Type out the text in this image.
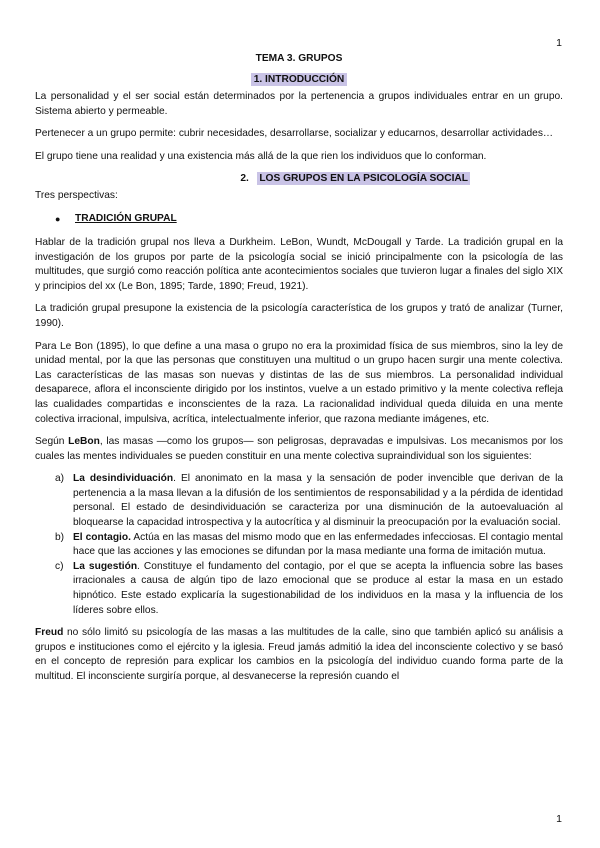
1
TEMA 3. GRUPOS
1. INTRODUCCIÓN

La personalidad y el ser social están determinados por la pertenencia a grupos individuales entrar en un grupo. Sistema abierto y permeable.

Pertenecer a un grupo permite: cubrir necesidades, desarrollarse, socializar y educarnos, desarrollar actividades…

El grupo tiene una realidad y una existencia más allá de la que rien los individuos que lo conforman.

2. LOS GRUPOS EN LA PSICOLOGÍA SOCIAL

Tres perspectivas:

● TRADICIÓN GRUPAL

Hablar de la tradición grupal nos lleva a Durkheim. LeBon, Wundt, McDougall y Tarde. La tradición grupal en la investigación de los grupos por parte de la psicología social se inició principalmente con la psicología de las multitudes, que surgió como reacción política ante acontecimientos sociales que tuvieron lugar a finales del siglo XIX y principios del xx (Le Bon, 1895; Tarde, 1890; Freud, 1921).

La tradición grupal presupone la existencia de la psicología característica de los grupos y trató de analizar (Turner, 1990).

Para Le Bon (1895), lo que define a una masa o grupo no era la proximidad física de sus miembros, sino la ley de unidad mental, por la que las personas que constituyen una multitud o un grupo hacen surgir una mente colectiva. Las características de las masas son nuevas y distintas de las de sus miembros. La personalidad individual desaparece, aflora el inconsciente dirigido por los instintos, vuelve a un estado primitivo y la mente colectiva refleja las cualidades compartidas e inconscientes de la raza. La racionalidad individual queda diluida en una mente colectiva irracional, impulsiva, acrítica, intelectualmente inferior, que razona mediante imágenes, etc.

Según LeBon, las masas —como los grupos— son peligrosas, depravadas e impulsivas. Los mecanismos por los cuales las mentes individuales se pueden constituir en una mente colectiva supraindividual son los siguientes:

a) La desindividuación. El anonimato en la masa y la sensación de poder invencible que derivan de la pertenencia a la masa llevan a la difusión de los sentimientos de responsabilidad y a la pérdida de identidad personal. El estado de desindividuación se caracteriza por una disminución de la autoevaluación al bloquearse la capacidad introspectiva y la autocrítica y al disminuir la preocupación por la evaluación social.
b) El contagio. Actúa en las masas del mismo modo que en las enfermedades infecciosas. El contagio mental hace que las acciones y las emociones se difundan por la masa mediante una forma de imitación mutua.
c) La sugestión. Constituye el fundamento del contagio, por el que se acepta la influencia sobre las bases irracionales a causa de algún tipo de lazo emocional que se produce al estar la masa en un estado hipnótico. Este estado explicaría la sugestionabilidad de los individuos en la masa y la influencia de los líderes sobre ellos.

Freud no sólo limitó su psicología de las masas a las multitudes de la calle, sino que también aplicó su análisis a grupos e instituciones como el ejército y la iglesia. Freud jamás admitió la idea del inconsciente colectivo y se basó en el concepto de represión para explicar los cambios en la psicología del individuo cuando forma parte de la multitud. El inconsciente surgiría porque, al desvanecerse la represión cuando el

1
